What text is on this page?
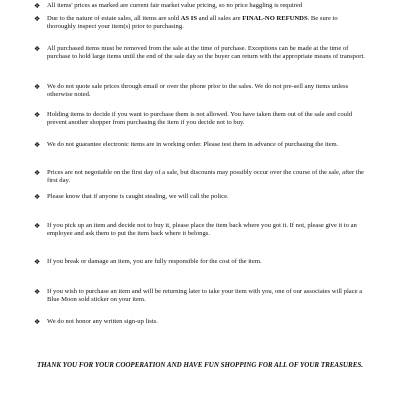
❖ All items' prices as marked are current fair market value pricing, so no price haggling is required
❖ Due to the nature of estate sales, all items are sold AS IS and all sales are FINAL-NO REFUNDS. Be sure to thoroughly inspect your item(s) prior to purchasing.
❖ All purchased items must be removed from the sale at the time of purchase. Exceptions can be made at the time of purchase to hold large items until the end of the sale day so the buyer can return with the appropriate means of transport.
❖ We do not quote sale prices through email or over the phone prior to the sales. We do not pre-sell any items unless otherwise noted.
❖ Holding items to decide if you want to purchase them is not allowed. You have taken them out of the sale and could prevent another shopper from purchasing the item if you decide not to buy.
❖ We do not guarantee electronic items are in working order. Please test them in advance of purchasing the item.
❖ Prices are not negotiable on the first day of a sale, but discounts may possibly occur over the course of the sale, after the first day.
❖ Please know that if anyone is caught stealing, we will call the police.
❖ If you pick up an item and decide not to buy it, please place the item back where you got it. If not, please give it to an employee and ask them to put the item back where it belongs.
❖ If you break or damage an item, you are fully responsible for the cost of the item.
❖ If you wish to purchase an item and will be returning later to take your item with you, one of our associates will place a Blue Moon sold sticker on your item.
❖ We do not honor any written sign-up lists.
THANK YOU FOR YOUR COOPERATION AND HAVE FUN SHOPPING FOR ALL OF YOUR TREASURES.
